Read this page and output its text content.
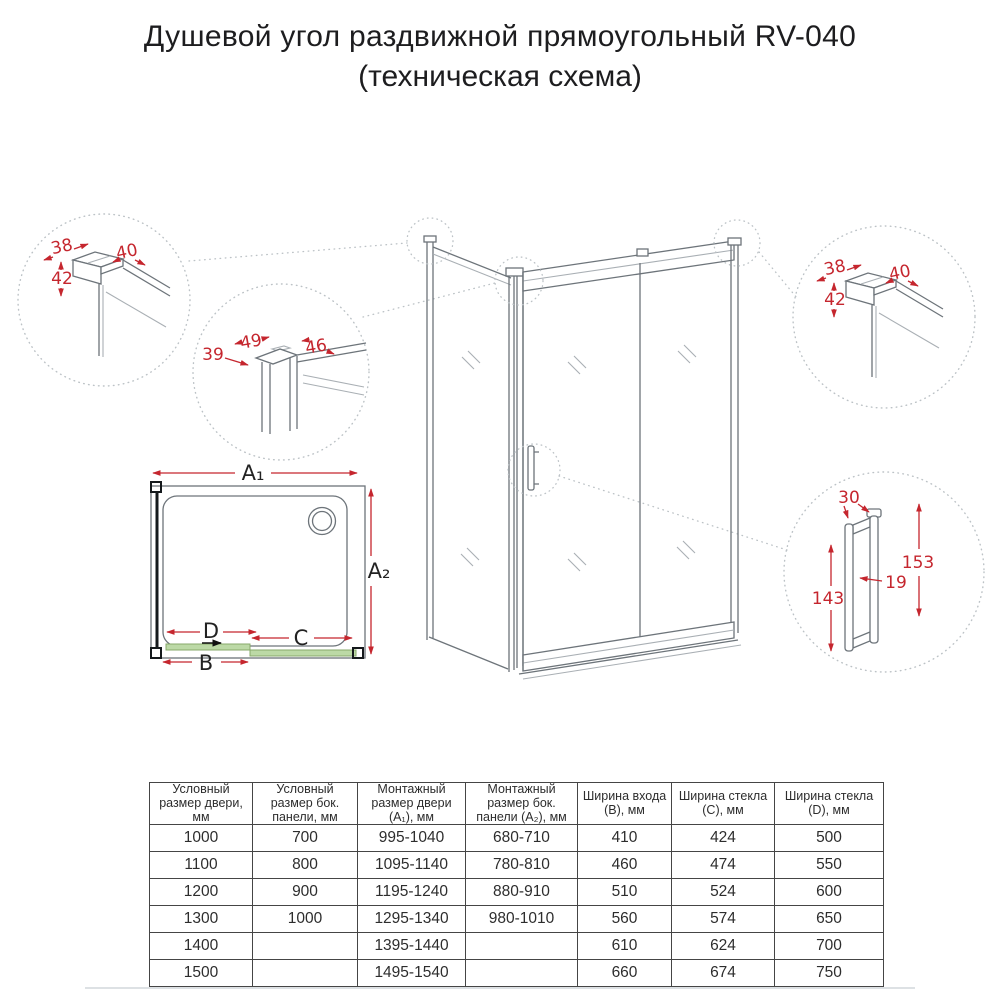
Душевой угол раздвижной прямоугольный RV-040
(техническая схема)
38 40
42	38 40
42
49 46
39
30
153
19
143
A₁
A₂
D	C
B
Условный размер двери, мм	Условный размер бок. панели, мм	Монтажный размер двери (A₁), мм	Монтажный размер бок. панели (A₂), мм	Ширина входа (B), мм	Ширина стекла (C), мм	Ширина стекла (D), мм
1000	700	995-1040	680-710	410	424	500
1100	800	1095-1140	780-810	460	474	550
1200	900	1195-1240	880-910	510	524	600
1300	1000	1295-1340	980-1010	560	574	650
1400		1395-1440		610	624	700
1500		1495-1540		660	674	750
